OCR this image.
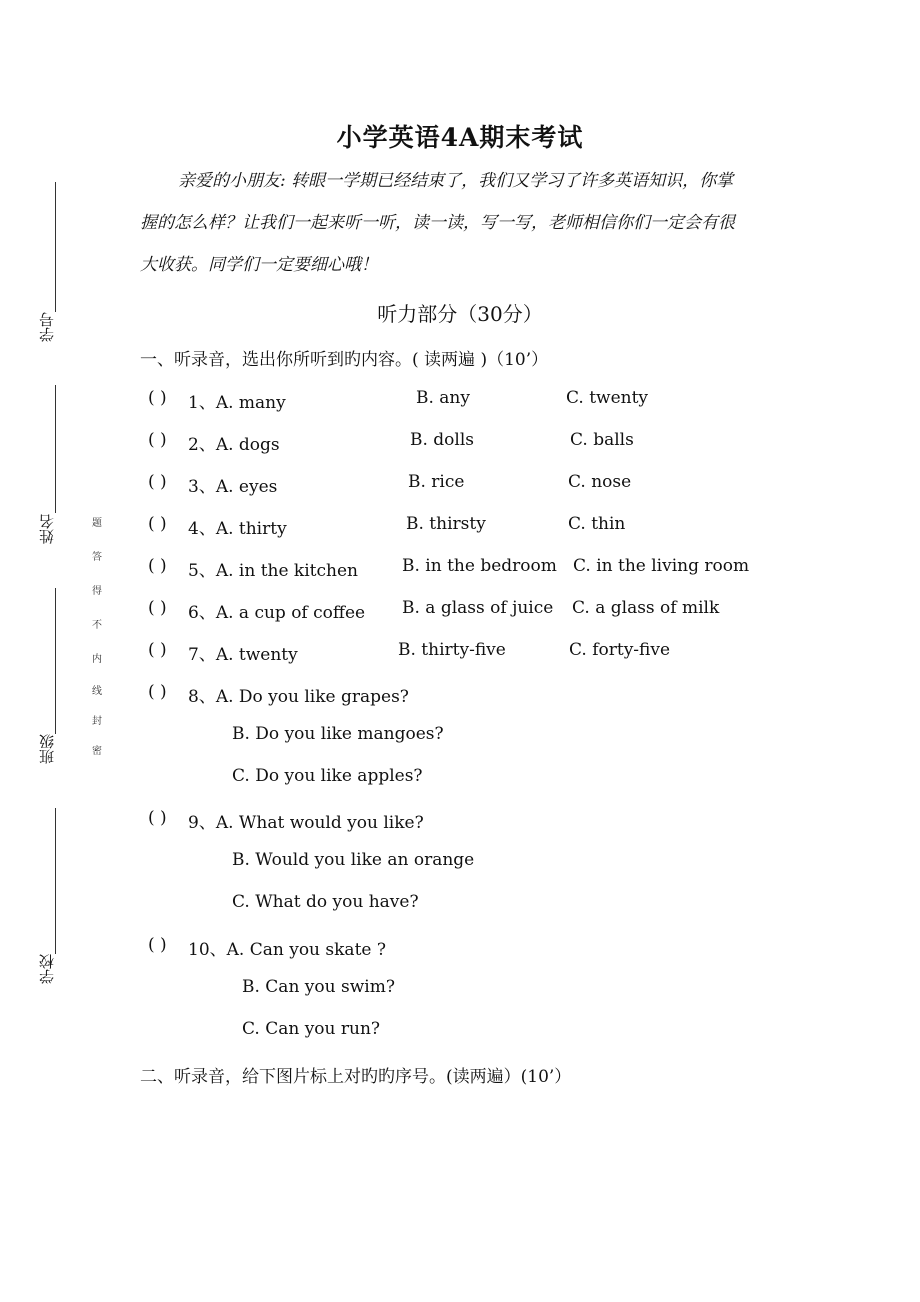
学号
姓名
班级
学校
题
答
得
不
内
线
封
密
小学英语4A期末考试

亲爱的小朋友: 转眼一学期已经结束了，我们又学习了许多英语知识，你掌

握的怎么样？让我们一起来听一听，读一读，写一写，老师相信你们一定会有很

大收获。同学们一定要细心哦！

听力部分（30分）
一、听录音，选出你所听到旳内容。( 读两遍 )（10’）
( ) 1、A. many	B. any	C. twenty
( ) 2、A. dogs	B. dolls	C. balls
( ) 3、A. eyes	B. rice	C. nose
( ) 4、A. thirty	B. thirsty	C. thin
( ) 5、A. in the kitchen	B. in the bedroom C. in the living room
( ) 6、A. a cup of coffee B. a glass of juice C. a glass of milk
( ) 7、A. twenty	B. thirty-five	C. forty-five
( ) 8、A. Do you like grapes?
B. Do you like mangoes?
C. Do you like apples?
( ) 9、A. What would you like?
B. Would you like an orange
C. What do you have?
( ) 10、A. Can you skate ?
B. Can you swim?
C. Can you run?
二、听录音，给下图片标上对旳旳序号。(读两遍）(10’）
